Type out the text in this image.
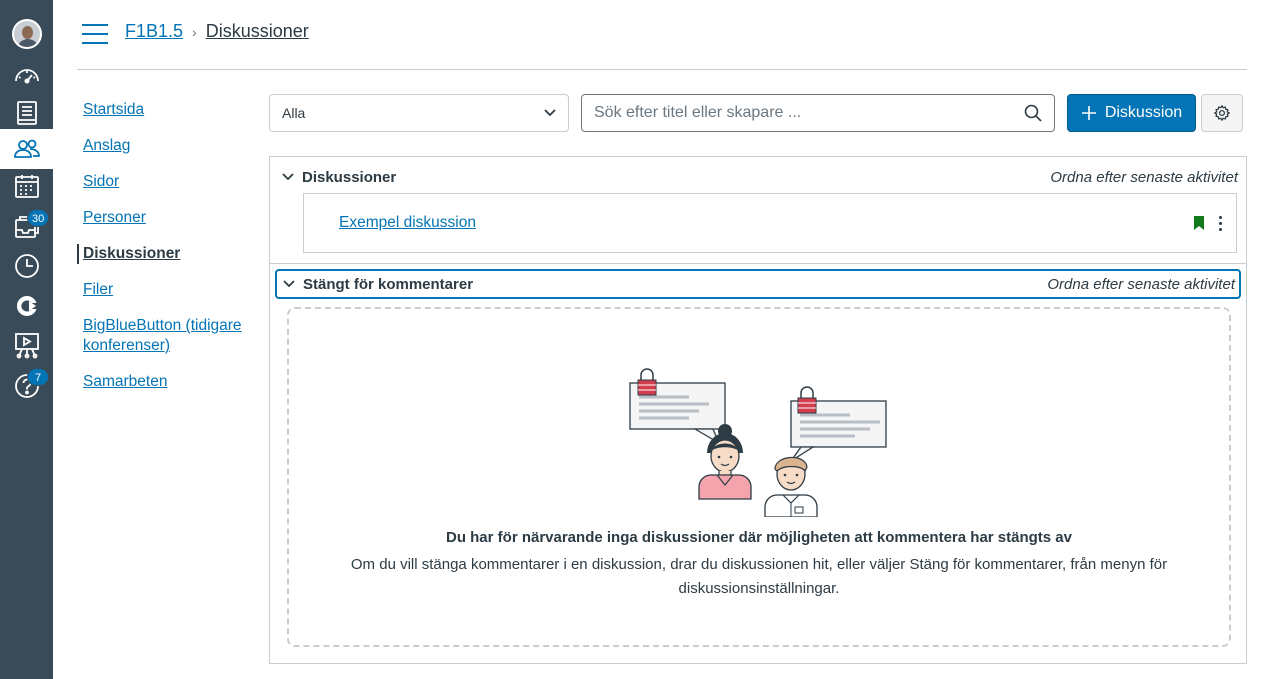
30
7
F1B1.5 › Diskussioner
Startsida
Anslag
Sidor
Personer
Diskussioner
Filer
BigBlueButton (tidigare konferenser)
Samarbeten
Alla	Sök efter titel eller skapare ...	Diskussion
Diskussioner	Ordna efter senaste aktivitet
Exempel diskussion
Stängt för kommentarer	Ordna efter senaste aktivitet
Du har för närvarande inga diskussioner där möjligheten att kommentera har stängts av
Om du vill stänga kommentarer i en diskussion, drar du diskussionen hit, eller väljer Stäng för kommentarer, från menyn för diskussionsinställningar.
